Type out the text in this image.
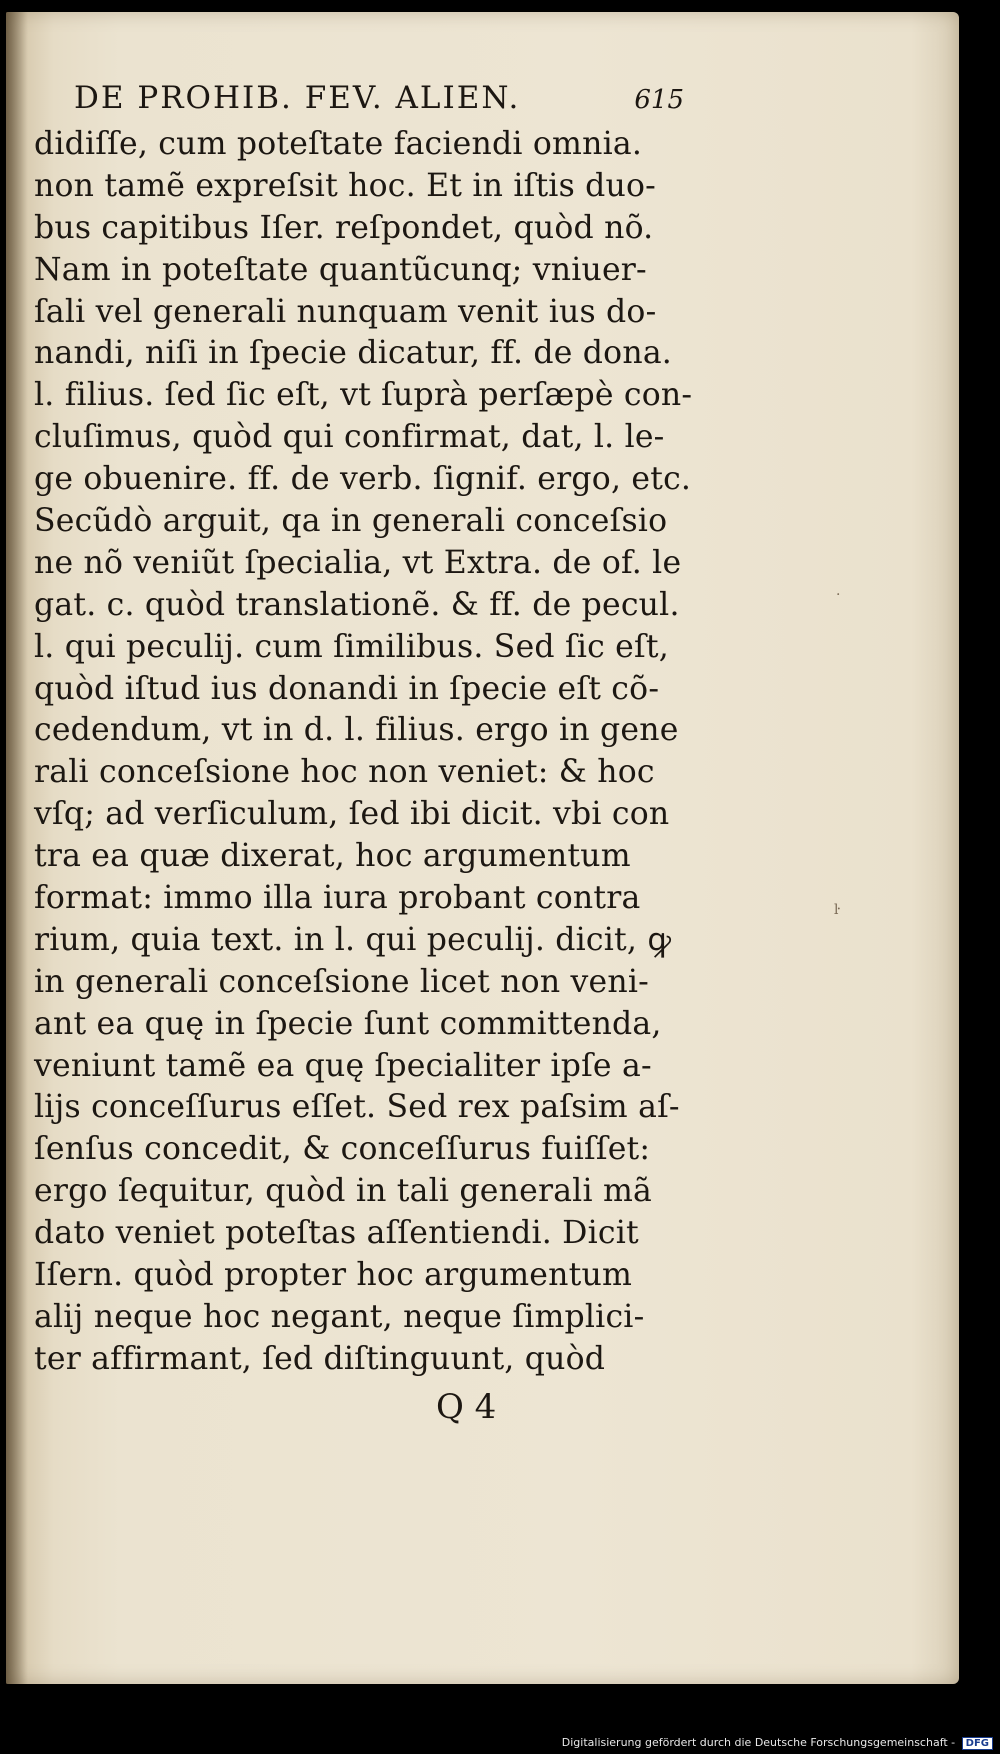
DE PROHIB. FEV. ALIEN.	615
didiſſe, cum poteſtate faciendi omnia.
non tamẽ expreſsit hoc. Et in iſtis duo-
bus capitibus Iſer. reſpondet, quòd nõ.
Nam in poteſtate quantũcunq; vniuer-
ſali vel generali nunquam venit ius do-
nandi, niſi in ſpecie dicatur, ff. de dona.
l. filius. ſed ſic eſt, vt ſuprà perſæpè con-
cluſimus, quòd qui confirmat, dat, l. le-
ge obuenire. ff. de verb. ſignif. ergo, etc.
Secũdò arguit, qa in generali conceſsio
ne nõ veniũt ſpecialia, vt Extra. de of. le
gat. c. quòd translationẽ. & ff. de pecul.
l. qui peculij. cum ſimilibus. Sed ſic eſt,
quòd iſtud ius donandi in ſpecie eſt cõ-
cedendum, vt in d. l. filius. ergo in gene
rali conceſsione hoc non veniet: & hoc
vſq; ad verſiculum, ſed ibi dicit. vbi con
tra ea quæ dixerat, hoc argumentum
format: immo illa iura probant contra
rium, quia text. in l. qui peculij. dicit, ꝙ
in generali conceſsione licet non veni-
ant ea quę in ſpecie ſunt committenda,
veniunt tamẽ ea quę ſpecialiter ipſe a-
lijs conceſſurus eſſet. Sed rex paſsim aſ-
ſenſus concedit, & conceſſurus fuiſſet:
ergo ſequitur, quòd in tali generali mã
dato veniet poteſtas aſſentiendi. Dicit
Iſern. quòd propter hoc argumentum
alij neque hoc negant, neque ſimplici-
ter affirmant, ſed diſtinguunt, quòd
Q 4
·
ŀ
Digitalisierung gefördert durch die Deutsche Forschungsgemeinschaft - DFG
